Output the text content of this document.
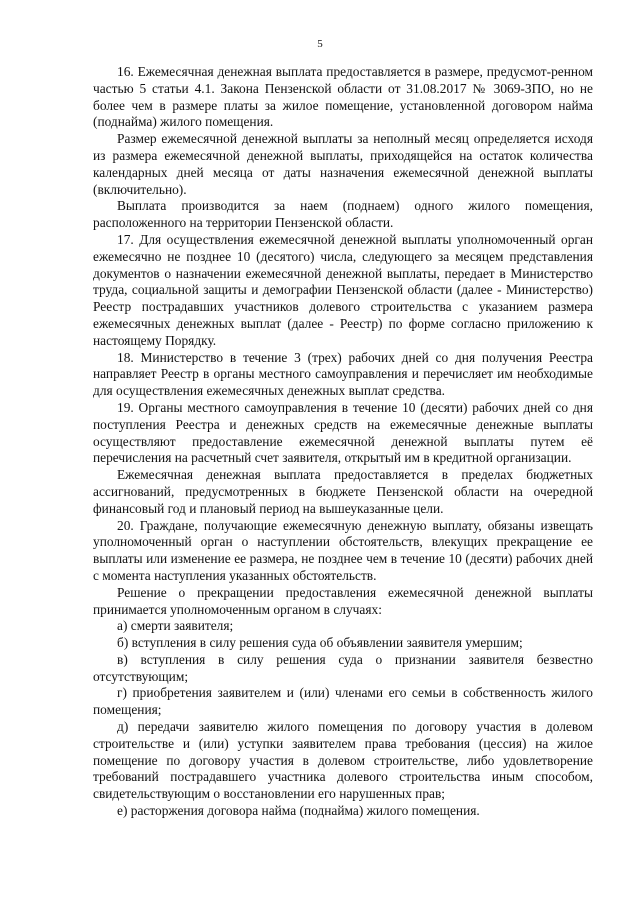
5

16. Ежемесячная денежная выплата предоставляется в размере, предусмот-ренном частью 5 статьи 4.1. Закона Пензенской области от 31.08.2017 № 3069-ЗПО, но не более чем в размере платы за жилое помещение, установленной договором найма (поднайма) жилого помещения.

Размер ежемесячной денежной выплаты за неполный месяц определяется исходя из размера ежемесячной денежной выплаты, приходящейся на остаток количества календарных дней месяца от даты назначения ежемесячной денежной выплаты (включительно).

Выплата производится за наем (поднаем) одного жилого помещения, расположенного на территории Пензенской области.

17. Для осуществления ежемесячной денежной выплаты уполномоченный орган ежемесячно не позднее 10 (десятого) числа, следующего за месяцем представления документов о назначении ежемесячной денежной выплаты, передает в Министерство труда, социальной защиты и демографии Пензенской области (далее - Министерство) Реестр пострадавших участников долевого строительства с указанием размера ежемесячных денежных выплат (далее - Реестр) по форме согласно приложению к настоящему Порядку.

18. Министерство в течение 3 (трех) рабочих дней со дня получения Реестра направляет Реестр в органы местного самоуправления и перечисляет им необходимые для осуществления ежемесячных денежных выплат средства.

19. Органы местного самоуправления в течение 10 (десяти) рабочих дней со дня поступления Реестра и денежных средств на ежемесячные денежные выплаты осуществляют предоставление ежемесячной денежной выплаты путем её перечисления на расчетный счет заявителя, открытый им в кредитной организации.

Ежемесячная денежная выплата предоставляется в пределах бюджетных ассигнований, предусмотренных в бюджете Пензенской области на очередной финансовый год и плановый период на вышеуказанные цели.

20. Граждане, получающие ежемесячную денежную выплату, обязаны извещать уполномоченный орган о наступлении обстоятельств, влекущих прекращение ее выплаты или изменение ее размера, не позднее чем в течение 10 (десяти) рабочих дней с момента наступления указанных обстоятельств.

Решение о прекращении предоставления ежемесячной денежной выплаты принимается уполномоченным органом в случаях:

а) смерти заявителя;

б) вступления в силу решения суда об объявлении заявителя умершим;

в) вступления в силу решения суда о признании заявителя безвестно отсутствующим;

г) приобретения заявителем и (или) членами его семьи в собственность жилого помещения;

д) передачи заявителю жилого помещения по договору участия в долевом строительстве и (или) уступки заявителем права требования (цессия) на жилое помещение по договору участия в долевом строительстве, либо удовлетворение требований пострадавшего участника долевого строительства иным способом, свидетельствующим о восстановлении его нарушенных прав;

е) расторжения договора найма (поднайма) жилого помещения.
